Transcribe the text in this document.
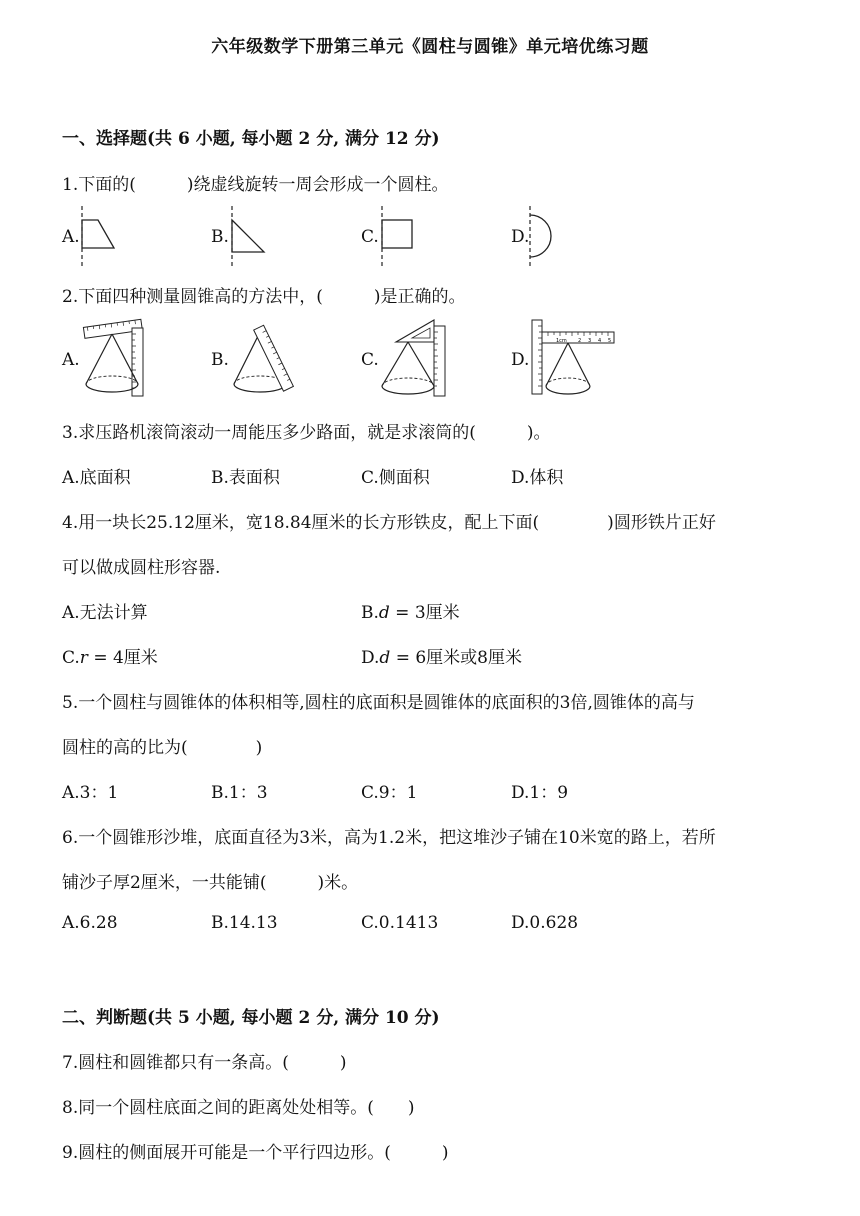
六年级数学下册第三单元《圆柱与圆锥》单元培优练习题
一、选择题(共 6 小题, 每小题 2 分, 满分 12 分)
1.下面的(　　　)绕虚线旋转一周会形成一个圆柱。
A.	B.	C.	D.
2.下面四种测量圆锥高的方法中，(　　　)是正确的。
A.	B.	C.	D.
1cm 2 3 4 5
3.求压路机滚筒滚动一周能压多少路面，就是求滚筒的(　　　)。
A.底面积	B.表面积	C.侧面积	D.体积
4.用一块长25.12厘米，宽18.84厘米的长方形铁皮，配上下面(　　　　)圆形铁片正好
可以做成圆柱形容器.
A.无法计算	B.𝑑 = 3厘米
C.𝑟 = 4厘米	D.𝑑 = 6厘米或8厘米
5.一个圆柱与圆锥体的体积相等,圆柱的底面积是圆锥体的底面积的3倍,圆锥体的高与
圆柱的高的比为(　　　　)
A.3：1	B.1：3	C.9：1	D.1：9
6.一个圆锥形沙堆，底面直径为3米，高为1.2米，把这堆沙子铺在10米宽的路上，若所
铺沙子厚2厘米，一共能铺(　　　)米。
A.6.28	B.14.13	C.0.1413	D.0.628
二、判断题(共 5 小题, 每小题 2 分, 满分 10 分)
7.圆柱和圆锥都只有一条高。(　　　)
8.同一个圆柱底面之间的距离处处相等。(　　)
9.圆柱的侧面展开可能是一个平行四边形。(　　　)
